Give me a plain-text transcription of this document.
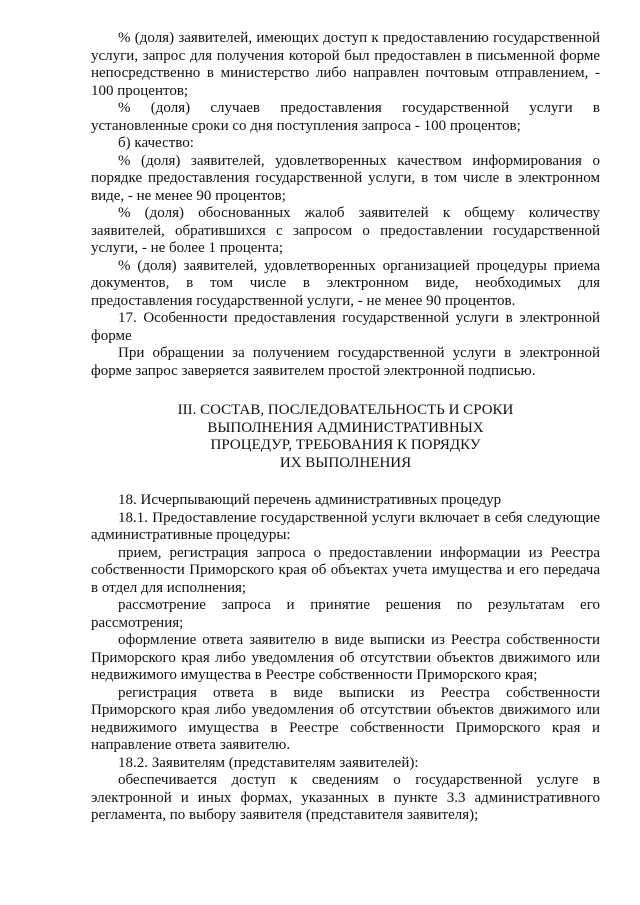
% (доля) заявителей, имеющих доступ к предоставлению государственной услуги, запрос для получения которой был предоставлен в письменной форме непосредственно в министерство либо направлен почтовым отправлением, - 100 процентов;

% (доля) случаев предоставления государственной услуги в установленные сроки со дня поступления запроса - 100 процентов;

б) качество:

% (доля) заявителей, удовлетворенных качеством информирования о порядке предоставления государственной услуги, в том числе в электронном виде, - не менее 90 процентов;

% (доля) обоснованных жалоб заявителей к общему количеству заявителей, обратившихся с запросом о предоставлении государственной услуги, - не более 1 процента;

% (доля) заявителей, удовлетворенных организацией процедуры приема документов, в том числе в электронном виде, необходимых для предоставления государственной услуги, - не менее 90 процентов.

17. Особенности предоставления государственной услуги в электронной форме

При обращении за получением государственной услуги в электронной форме запрос заверяется заявителем простой электронной подписью.

III. СОСТАВ, ПОСЛЕДОВАТЕЛЬНОСТЬ И СРОКИ
ВЫПОЛНЕНИЯ АДМИНИСТРАТИВНЫХ
ПРОЦЕДУР, ТРЕБОВАНИЯ К ПОРЯДКУ
ИХ ВЫПОЛНЕНИЯ

18. Исчерпывающий перечень административных процедур

18.1. Предоставление государственной услуги включает в себя следующие административные процедуры:

прием, регистрация запроса о предоставлении информации из Реестра собственности Приморского края об объектах учета имущества и его передача в отдел для исполнения;

рассмотрение запроса и принятие решения по результатам его рассмотрения;

оформление ответа заявителю в виде выписки из Реестра собственности Приморского края либо уведомления об отсутствии объектов движимого или недвижимого имущества в Реестре собственности Приморского края;

регистрация ответа в виде выписки из Реестра собственности Приморского края либо уведомления об отсутствии объектов движимого или недвижимого имущества в Реестре собственности Приморского края и направление ответа заявителю.

18.2. Заявителям (представителям заявителей):

обеспечивается доступ к сведениям о государственной услуге в электронной и иных формах, указанных в пункте 3.3 административного регламента, по выбору заявителя (представителя заявителя);
